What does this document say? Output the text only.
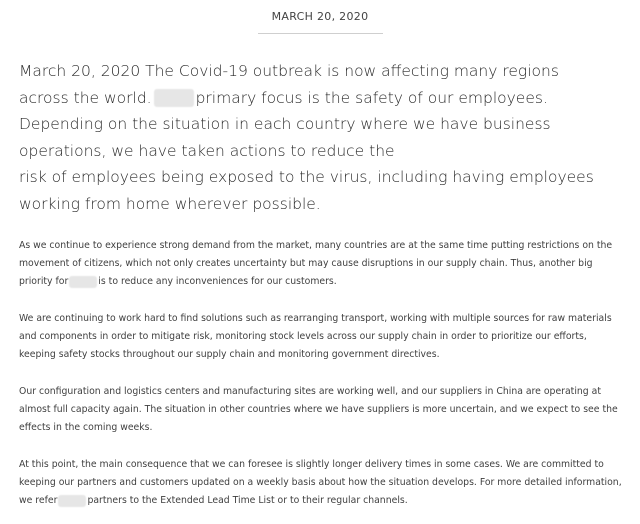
MARCH 20, 2020

March 20, 2020 The Covid-19 outbreak is now affecting many regions
across the world.	primary focus is the safety of our employees.
Depending on the situation in each country where we have business
operations, we have taken actions to reduce the
risk of employees being exposed to the virus, including having employees
working from home wherever possible.

As we continue to experience strong demand from the market, many countries are at the same time putting restrictions on the movement of citizens, which not only creates uncertainty but may cause disruptions in our supply chain. Thus, another big priority for	is to reduce any inconveniences for our customers.

We are continuing to work hard to find solutions such as rearranging transport, working with multiple sources for raw materials and components in order to mitigate risk, monitoring stock levels across our supply chain in order to prioritize our efforts, keeping safety stocks throughout our supply chain and monitoring government directives.

Our configuration and logistics centers and manufacturing sites are working well, and our suppliers in China are operating at almost full capacity again. The situation in other countries where we have suppliers is more uncertain, and we expect to see the effects in the coming weeks.

At this point, the main consequence that we can foresee is slightly longer delivery times in some cases. We are committed to keeping our partners and customers updated on a weekly basis about how the situation develops. For more detailed information, we refer	partners to the Extended Lead Time List or to their regular channels.
